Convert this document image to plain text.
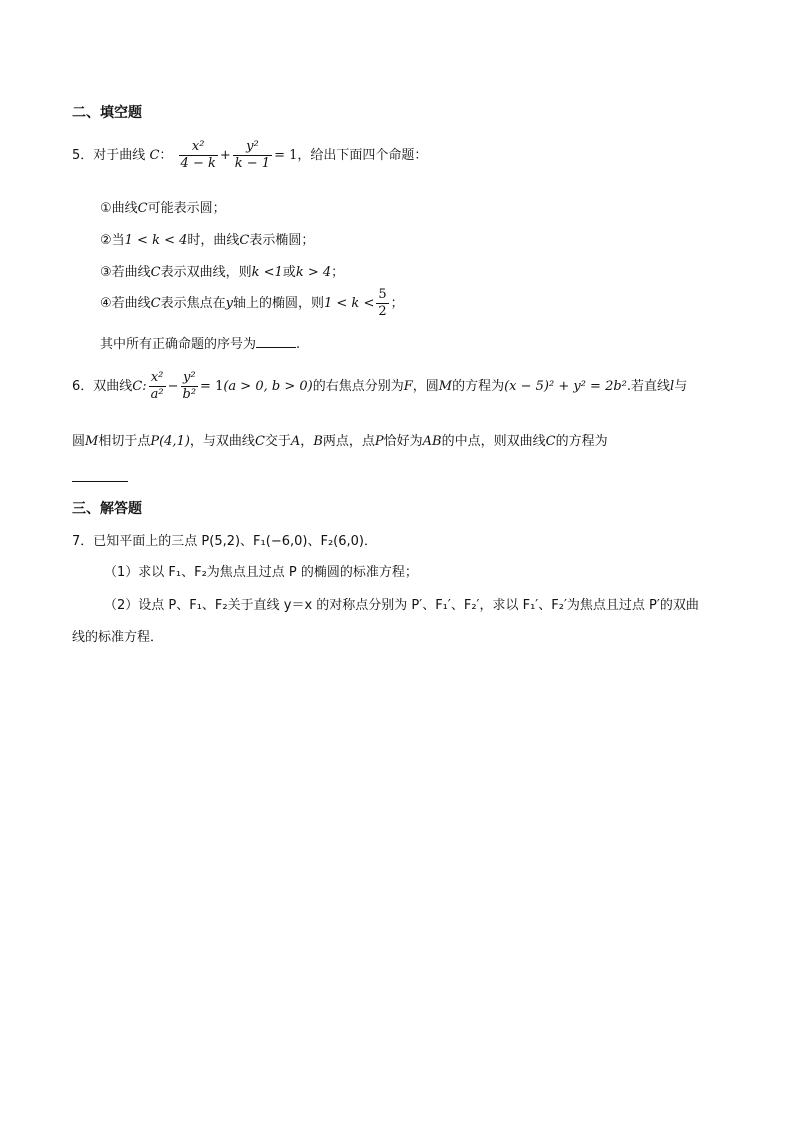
二、填空题
5．对于曲线 C： $\frac{\text{x²}}{4 - k} + \frac{\text{y²}}{k - 1} = 1$，给出下面四个命题：
①曲线C可能表示圆；
②当1 < k < 4时，曲线C表示椭圆；
③若曲线C表示双曲线，则k <1或k > 4；
④若曲线C表示焦点在y轴上的椭圆，则$1 < k < \frac{5}{2}$ ；
其中所有正确命题的序号为	.
6．双曲线C: $\frac{\text{x²}}{\text{a²}} - \frac{\text{y²}}{\text{b²}} = 1(a > 0$, b > 0)的右焦点分别为F，圆M的方程为(x − 5)² + y² = 2b².若直线l与
圆M相切于点P(4,1)，与双曲线C交于A，B两点，点P恰好为AB的中点，则双曲线C的方程为
三、解答题
7．已知平面上的三点 P(5,2)、F₁(−6,0)、F₂(6,0)．
（1）求以 F₁、F₂为焦点且过点 P 的椭圆的标准方程；
（2）设点 P、F₁、F₂关于直线 y＝x 的对称点分别为 P′、F₁′、F₂′，求以 F₁′、F₂′为焦点且过点 P′的双曲
线的标准方程．
